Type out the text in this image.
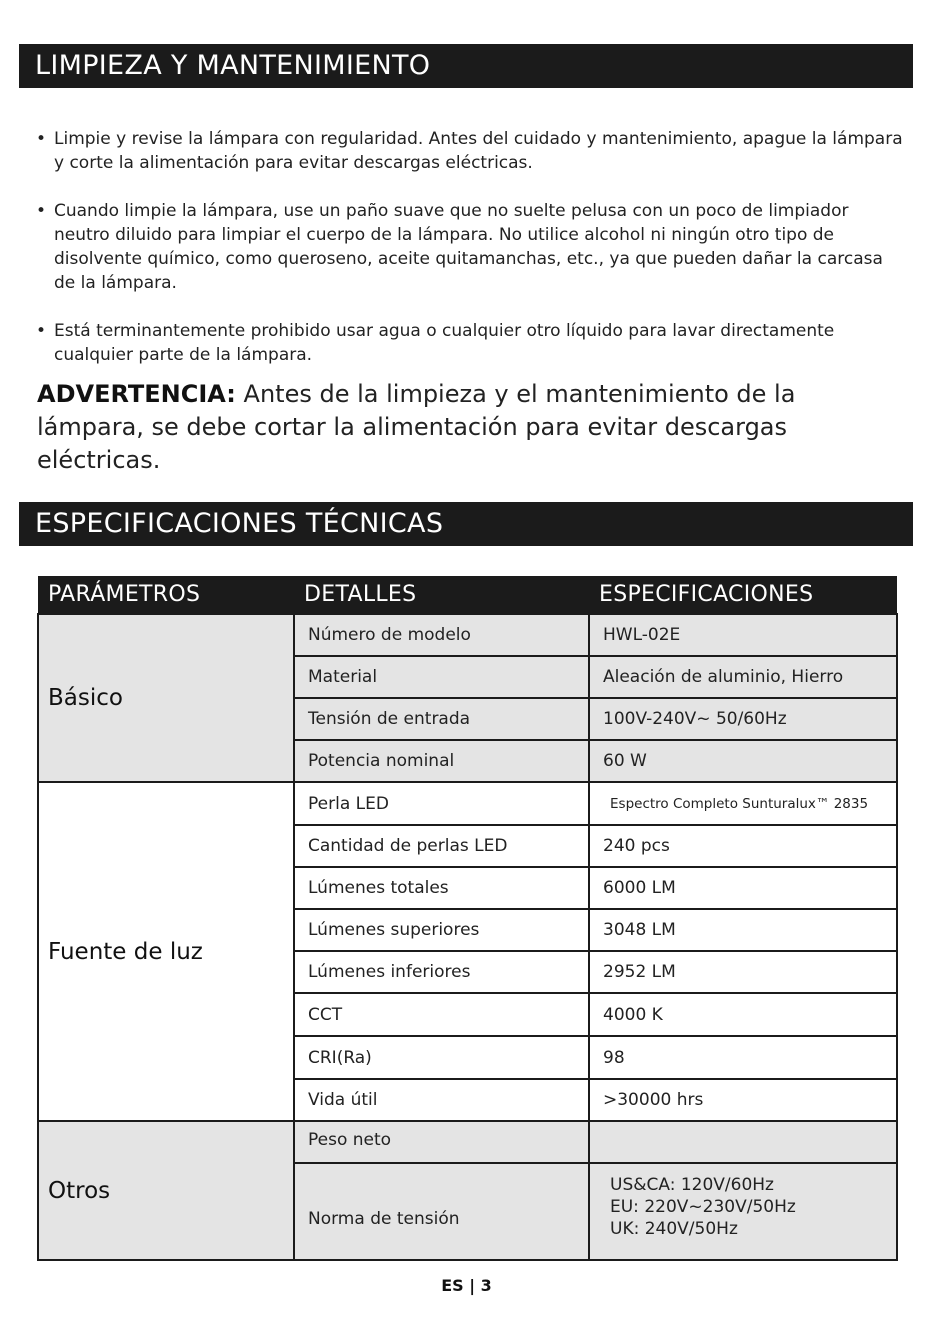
LIMPIEZA Y MANTENIMIENTO
• Limpie y revise la lámpara con regularidad. Antes del cuidado y mantenimiento, apague la lámpara y corte la alimentación para evitar descargas eléctricas.
• Cuando limpie la lámpara, use un paño suave que no suelte pelusa con un poco de limpiador neutro diluido para limpiar el cuerpo de la lámpara. No utilice alcohol ni ningún otro tipo de disolvente químico, como queroseno, aceite quitamanchas, etc., ya que pueden dañar la carcasa de la lámpara.
• Está terminantemente prohibido usar agua o cualquier otro líquido para lavar directamente cualquier parte de la lámpara.
ADVERTENCIA: Antes de la limpieza y el mantenimiento de la lámpara, se debe cortar la alimentación para evitar descargas eléctricas.
ESPECIFICACIONES TÉCNICAS
PARÁMETROS	DETALLES	ESPECIFICACIONES
Básico	Número de modelo	HWL-02E
	Material	Aleación de aluminio, Hierro
	Tensión de entrada	100V-240V~ 50/60Hz
	Potencia nominal	60 W
Fuente de luz	Perla LED	Espectro Completo Sunturalux™ 2835
	Cantidad de perlas LED	240 pcs
	Lúmenes totales	6000 LM
	Lúmenes superiores	3048 LM
	Lúmenes inferiores	2952 LM
	CCT	4000 K
	CRI(Ra)	98
	Vida útil	>30000 hrs
Otros	Peso neto	
	Norma de tensión	US&CA: 120V/60Hz
EU: 220V~230V/50Hz
UK: 240V/50Hz
ES | 3
